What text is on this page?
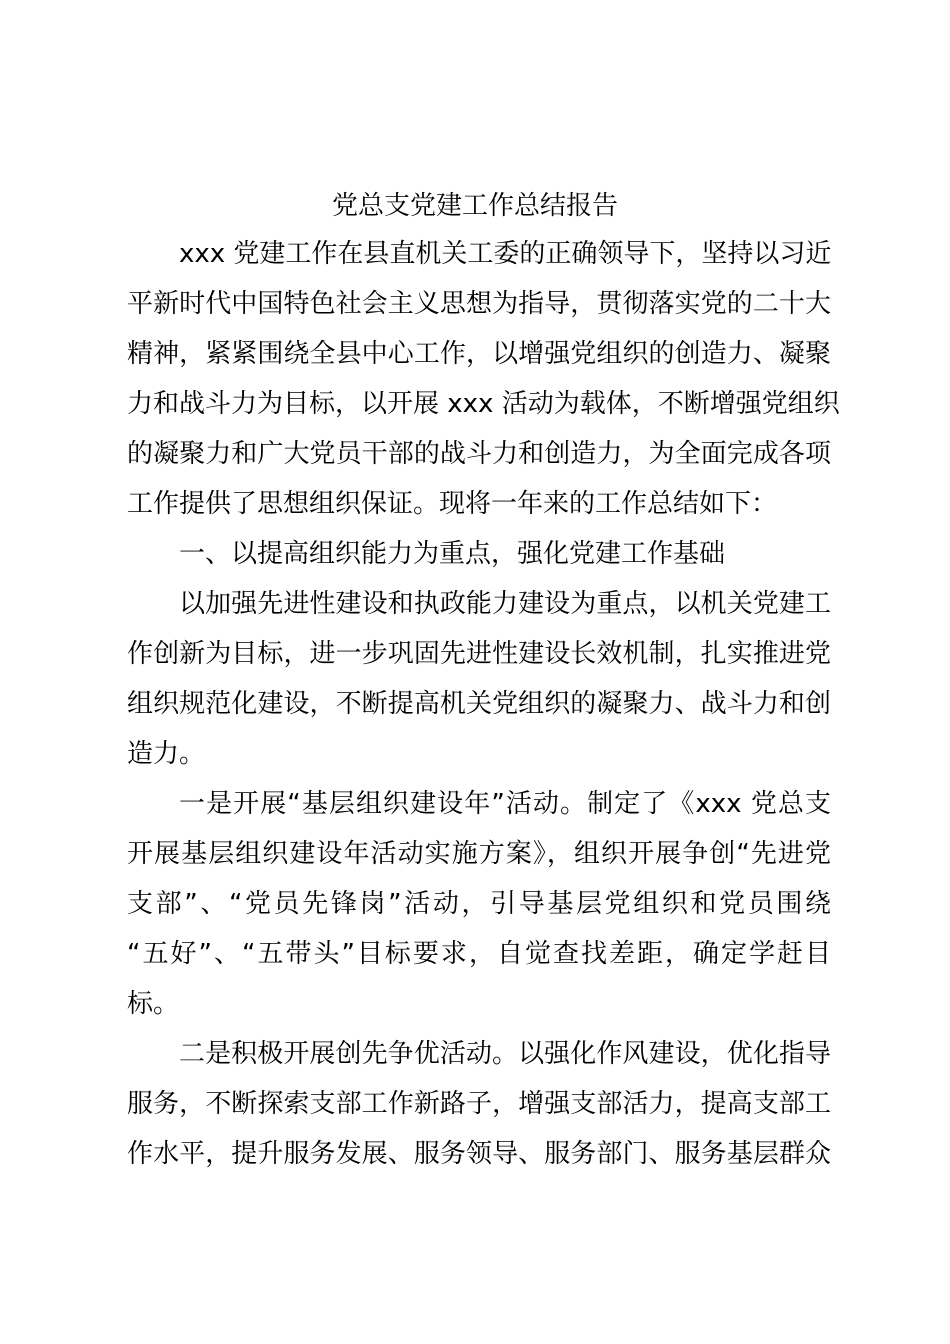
党总支党建工作总结报告
xxx 党建工作在县直机关工委的正确领导下，坚持以习近
平新时代中国特色社会主义思想为指导，贯彻落实党的二十大
精神，紧紧围绕全县中心工作，以增强党组织的创造力、凝聚
力和战斗力为目标，以开展 xxx 活动为载体，不断增强党组织
的凝聚力和广大党员干部的战斗力和创造力，为全面完成各项
工作提供了思想组织保证。现将一年来的工作总结如下：
一、以提高组织能力为重点，强化党建工作基础
以加强先进性建设和执政能力建设为重点，以机关党建工
作创新为目标，进一步巩固先进性建设长效机制，扎实推进党
组织规范化建设，不断提高机关党组织的凝聚力、战斗力和创
造力。
一是开展“基层组织建设年”活动。制定了《xxx 党总支
开展基层组织建设年活动实施方案》，组织开展争创“先进党
支部”、“党员先锋岗”活动，引导基层党组织和党员围绕
“五好”、“五带头”目标要求，自觉查找差距，确定学赶目
标。
二是积极开展创先争优活动。以强化作风建设，优化指导
服务，不断探索支部工作新路子，增强支部活力，提高支部工
作水平，提升服务发展、服务领导、服务部门、服务基层群众
